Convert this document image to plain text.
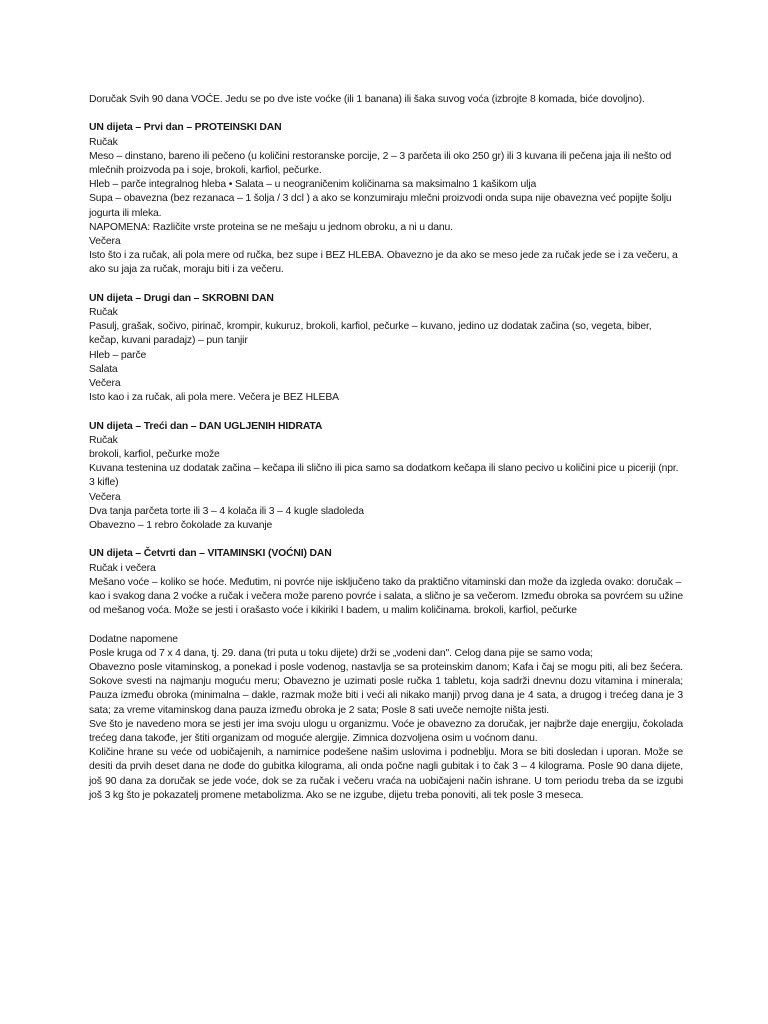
Doručak Svih 90 dana VOĆE. Jedu se po dve iste voćke (ili 1 banana) ili šaka suvog voća (izbrojte 8 komada, biće dovoljno).

UN dijeta – Prvi dan – PROTEINSKI DAN

Ručak

Meso – dinstano, bareno ili pečeno (u količini restoranske porcije, 2 – 3 parčeta ili oko 250 gr) ili 3 kuvana ili pečena jaja ili nešto od mlečnih proizvoda pa i soje, brokoli, karfiol, pečurke.

Hleb – parče integralnog hleba • Salata – u neograničenim količinama sa maksimalno 1 kašikom ulja

Supa – obavezna (bez rezanaca – 1 šolja / 3 dcl ) a ako se konzumiraju mlečni proizvodi onda supa nije obavezna već popijte šolju jogurta ili mleka.

NAPOMENA: Različite vrste proteina se ne mešaju u jednom obroku, a ni u danu.

Večera

Isto što i za ručak, ali pola mere od ručka, bez supe i BEZ HLEBA. Obavezno je da ako se meso jede za ručak jede se i za večeru, a ako su jaja za ručak, moraju biti i za večeru.

UN dijeta – Drugi dan – SKROBNI DAN

Ručak

Pasulj, grašak, sočivo, pirinač, krompir, kukuruz, brokoli, karfiol, pečurke – kuvano, jedino uz dodatak začina (so, vegeta, biber, kečap, kuvani paradajz) – pun tanjir

Hleb – parče

Salata

Večera

Isto kao i za ručak, ali pola mere. Večera je BEZ HLEBA

UN dijeta – Treći dan – DAN UGLJENIH HIDRATA

Ručak

brokoli, karfiol, pečurke može

Kuvana testenina uz dodatak začina – kečapa ili slično ili pica samo sa dodatkom kečapa ili slano pecivo u količini pice u piceriji (npr. 3 kifle)

Večera

Dva tanja parčeta torte ili 3 – 4 kolača ili 3 – 4 kugle sladoleda

Obavezno – 1 rebro čokolade za kuvanje

UN dijeta – Četvrti dan – VITAMINSKI (VOĆNI) DAN

Ručak i večera

Mešano voće – koliko se hoće. Međutim, ni povrće nije isključeno tako da praktično vitaminski dan može da izgleda ovako: doručak – kao i svakog dana 2 voćke a ručak i večera može pareno povrće i salata, a slično je sa večerom. Između obroka sa povrćem su užine od mešanog voća. Može se jesti i orašasto voće i kikiriki I badem, u malim količinama. brokoli, karfiol, pečurke

Dodatne napomene

Posle kruga od 7 x 4 dana, tj. 29. dana (tri puta u toku dijete) drži se „vodeni dan". Celog dana pije se samo voda;

Obavezno posle vitaminskog, a ponekad i posle vodenog, nastavlja se sa proteinskim danom; Kafa i čaj se mogu piti, ali bez šećera. Sokove svesti na najmanju moguću meru; Obavezno je uzimati posle ručka 1 tabletu, koja sadrži dnevnu dozu vitamina i minerala; Pauza između obroka (minimalna – dakle, razmak može biti i veći ali nikako manji) prvog dana je 4 sata, a drugog i trećeg dana je 3 sata; za vreme vitaminskog dana pauza između obroka je 2 sata; Posle 8 sati uveče nemojte ništa jesti.

Sve što je navedeno mora se jesti jer ima svoju ulogu u organizmu. Voće je obavezno za doručak, jer najbrže daje energiju, čokolada trećeg dana takođe, jer štiti organizam od moguće alergije. Zimnica dozvoljena osim u voćnom danu.

Količine hrane su veće od uobičajenih, a namirnice podešene našim uslovima i podneblju. Mora se biti dosledan i uporan. Može se desiti da prvih deset dana ne dođe do gubitka kilograma, ali onda počne nagli gubitak i to čak 3 – 4 kilograma. Posle 90 dana dijete, još 90 dana za doručak se jede voće, dok se za ručak i večeru vraća na uobičajeni način ishrane. U tom periodu treba da se izgubi još 3 kg što je pokazatelj promene metabolizma. Ako se ne izgube, dijetu treba ponoviti, ali tek posle 3 meseca.
